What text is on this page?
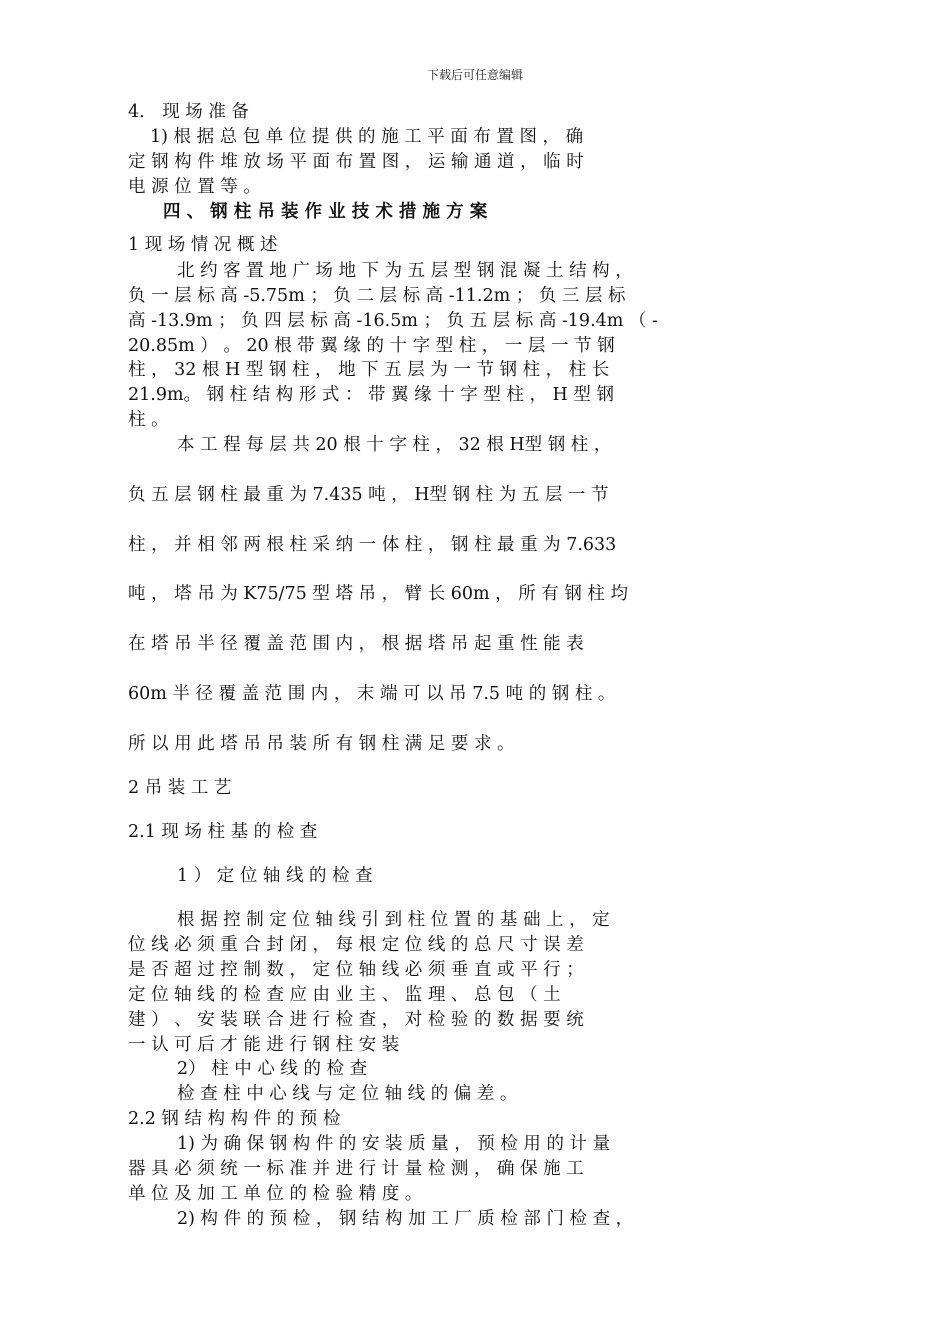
下载后可任意编辑
4． 现 场 准 备
1) 根 据 总 包 单 位 提 供 的 施 工 平 面 布 置 图 ， 确
定 钢 构 件 堆 放 场 平 面 布 置 图 ， 运 输 通 道 ， 临 时
电 源 位 置 等 。
四 、 钢 柱 吊 装 作 业 技 术 措 施 方 案
1 现 场 情 况 概 述
北 约 客 置 地 广 场 地 下 为 五 层 型 钢 混 凝 土 结 构 ，
负 一 层 标 高 -5.75m ； 负 二 层 标 高 -11.2m ； 负 三 层 标
高 -13.9m ； 负 四 层 标 高 -16.5m ； 负 五 层 标 高 -19.4m （ -
20.85m ） 。 20 根 带 翼 缘 的 十 字 型 柱 ， 一 层 一 节 钢
柱 ， 32 根 H 型 钢 柱 ， 地 下 五 层 为 一 节 钢 柱 ， 柱 长
21.9m。 钢 柱 结 构 形 式 ： 带 翼 缘 十 字 型 柱 ， H 型 钢
柱 。
本 工 程 每 层 共 20 根 十 字 柱 ， 32 根 H型 钢 柱 ，
负 五 层 钢 柱 最 重 为 7.435 吨 ， H型 钢 柱 为 五 层 一 节
柱 ， 并 相 邻 两 根 柱 采 纳 一 体 柱 ， 钢 柱 最 重 为 7.633
吨 ， 塔 吊 为 K75/75 型 塔 吊 ， 臂 长 60m ， 所 有 钢 柱 均
在 塔 吊 半 径 覆 盖 范 围 内 ， 根 据 塔 吊 起 重 性 能 表
60m 半 径 覆 盖 范 围 内 ， 末 端 可 以 吊 7.5 吨 的 钢 柱 。
所 以 用 此 塔 吊 吊 装 所 有 钢 柱 满 足 要 求 。
2 吊 装 工 艺
2.1 现 场 柱 基 的 检 查
1 ） 定 位 轴 线 的 检 查
根 据 控 制 定 位 轴 线 引 到 柱 位 置 的 基 础 上 ， 定
位 线 必 须 重 合 封 闭 ， 每 根 定 位 线 的 总 尺 寸 误 差
是 否 超 过 控 制 数 ， 定 位 轴 线 必 须 垂 直 或 平 行 ；
定 位 轴 线 的 检 查 应 由 业 主 、 监 理 、 总 包 （ 土
建 ） 、 安 装 联 合 进 行 检 查 ， 对 检 验 的 数 据 要 统
一 认 可 后 才 能 进 行 钢 柱 安 装
2） 柱 中 心 线 的 检 查
检 查 柱 中 心 线 与 定 位 轴 线 的 偏 差 。
2.2 钢 结 构 构 件 的 预 检
1) 为 确 保 钢 构 件 的 安 装 质 量 ， 预 检 用 的 计 量
器 具 必 须 统 一 标 准 并 进 行 计 量 检 测 ， 确 保 施 工
单 位 及 加 工 单 位 的 检 验 精 度 。
2) 构 件 的 预 检 ， 钢 结 构 加 工 厂 质 检 部 门 检 查 ，
